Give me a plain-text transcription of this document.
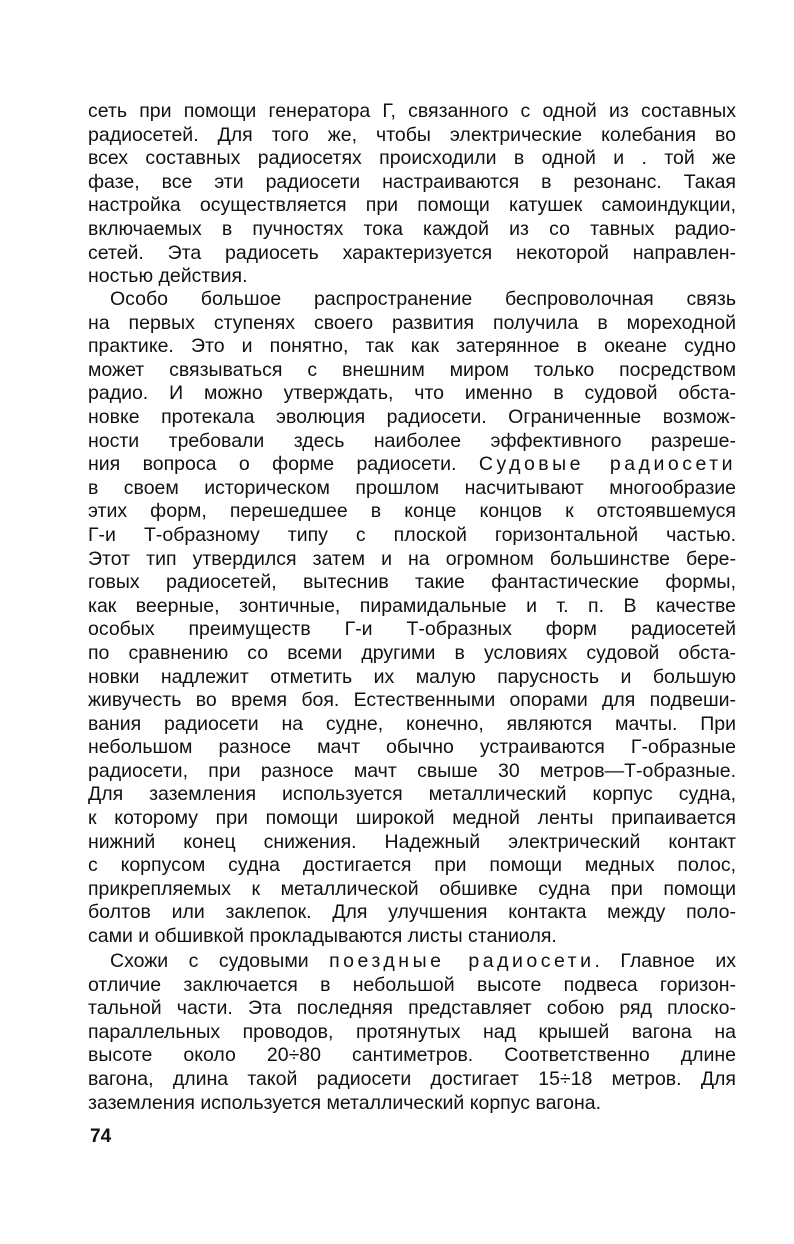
сеть при помощи генератора Г, связанного с одной из составных
радиосетей. Для того же, чтобы электрические колебания во
всех составных радиосетях происходили в одной и . той же
фазе, все эти радиосети настраиваются в резонанс. Такая
настройка осуществляется при помощи катушек самоиндукции,
включаемых в пучностях тока каждой из со тавных радио-
сетей. Эта радиосеть характеризуется некоторой направлен-
ностью действия.
Особо большое распространение беспроволочная связь
на первых ступенях своего развития получила в мореходной
практике. Это и понятно, так как затерянное в океане судно
может связываться с внешним миром только посредством
радио. И можно утверждать, что именно в судовой обста-
новке протекала эволюция радиосети. Ограниченные возмож-
ности требовали здесь наиболее эффективного разреше-
ния вопроса о форме радиосети. Судовые радиосети
в своем историческом прошлом насчитывают многообразие
этих форм, перешедшее в конце концов к отстоявшемуся
Г-и Т-образному типу с плоской горизонтальной частью.
Этот тип утвердился затем и на огромном большинстве бере-
говых радиосетей, вытеснив такие фантастические формы,
как веерные, зонтичные, пирамидальные и т. п. В качестве
особых преимуществ Г-и Т-образных форм радиосетей
по сравнению со всеми другими в условиях судовой обста-
новки надлежит отметить их малую парусность и большую
живучесть во время боя. Естественными опорами для подвеши-
вания радиосети на судне, конечно, являются мачты. При
небольшом разносе мачт обычно устраиваются Г-образные
радиосети, при разносе мачт свыше 30 метров—Т-образные.
Для заземления используется металлический корпус судна,
к которому при помощи широкой медной ленты припаивается
нижний конец снижения. Надежный электрический контакт
с корпусом судна достигается при помощи медных полос,
прикрепляемых к металлической обшивке судна при помощи
болтов или заклепок. Для улучшения контакта между поло-
сами и обшивкой прокладываются листы станиоля.
Схожи с судовыми поездные радиосети. Главное их
отличие заключается в небольшой высоте подвеса горизон-
тальной части. Эта последняя представляет собою ряд плоско-
параллельных проводов, протянутых над крышей вагона на
высоте около 20÷80 сантиметров. Соответственно длине
вагона, длина такой радиосети достигает 15÷18 метров. Для
заземления используется металлический корпус вагона.
74
